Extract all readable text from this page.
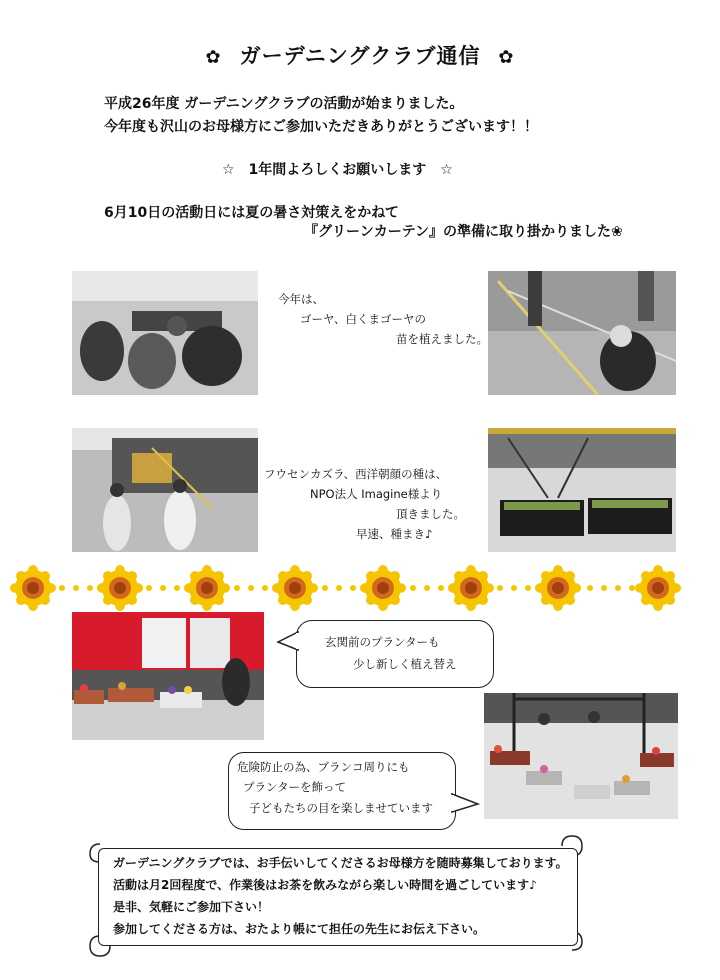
✿ ガーデニングクラブ通信 ✿
平成26年度 ガーデニングクラブの活動が始まりました。
今年度も沢山のお母様方にご参加いただきありがとうございます！！
☆　1年間よろしくお願いします　☆
6月10日の活動日には夏の暑さ対策えをかねて
『グリーンカーテン』の準備に取り掛かりました❀
今年は、
ゴーヤ、白くまゴーヤの
苗を植えました。
フウセンカズラ、西洋朝顔の種は、
NPO法人 Imagine様より
頂きました。
早速、種まき♪
玄関前のプランターも
少し新しく植え替え
危険防止の為、ブランコ周りにも
プランターを飾って
子どもたちの目を楽しませています
ガーデニングクラブでは、お手伝いしてくださるお母様方を随時募集しております。
活動は月2回程度で、作業後はお茶を飲みながら楽しい時間を過ごしています♪
是非、気軽にご参加下さい！
参加してくださる方は、おたより帳にて担任の先生にお伝え下さい。
